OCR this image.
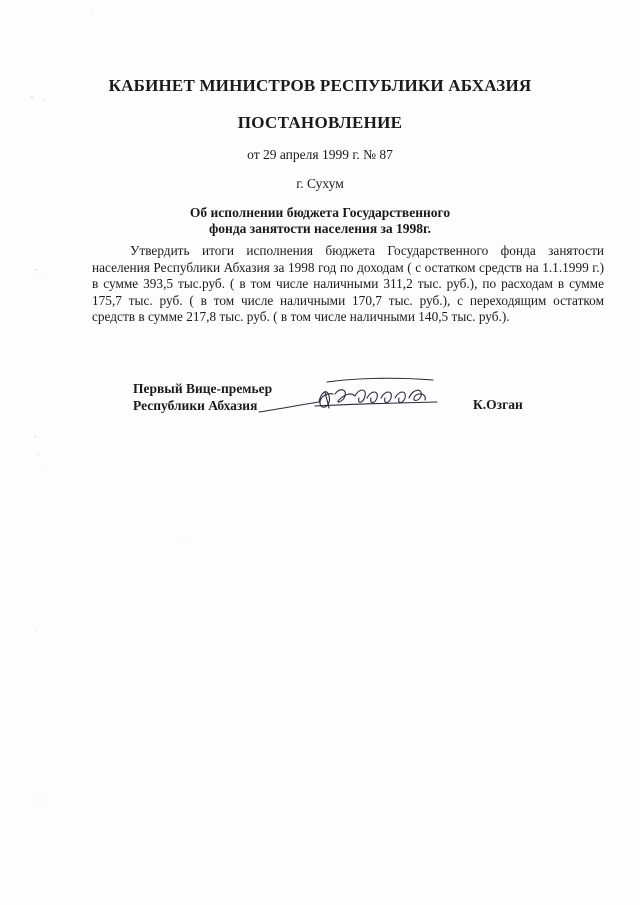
КАБИНЕТ МИНИСТРОВ РЕСПУБЛИКИ АБХАЗИЯ
ПОСТАНОВЛЕНИЕ
от 29 апреля 1999 г. № 87
г. Сухум
Об исполнении бюджета Государственного
фонда занятости населения за 1998г.
Утвердить итоги исполнения бюджета Государственного фонда занятости населения Республики Абхазия за 1998 год по доходам ( с остатком средств на 1.1.1999 г.) в сумме 393,5 тыс.руб. ( в том числе наличными 311,2 тыс. руб.), по расходам в сумме 175,7 тыс. руб. ( в том числе наличными 170,7 тыс. руб.), с переходящим остатком средств в сумме 217,8 тыс. руб. ( в том числе наличными 140,5 тыс. руб.).
Первый Вице-премьер
Республики Абхазия	К.Озган
